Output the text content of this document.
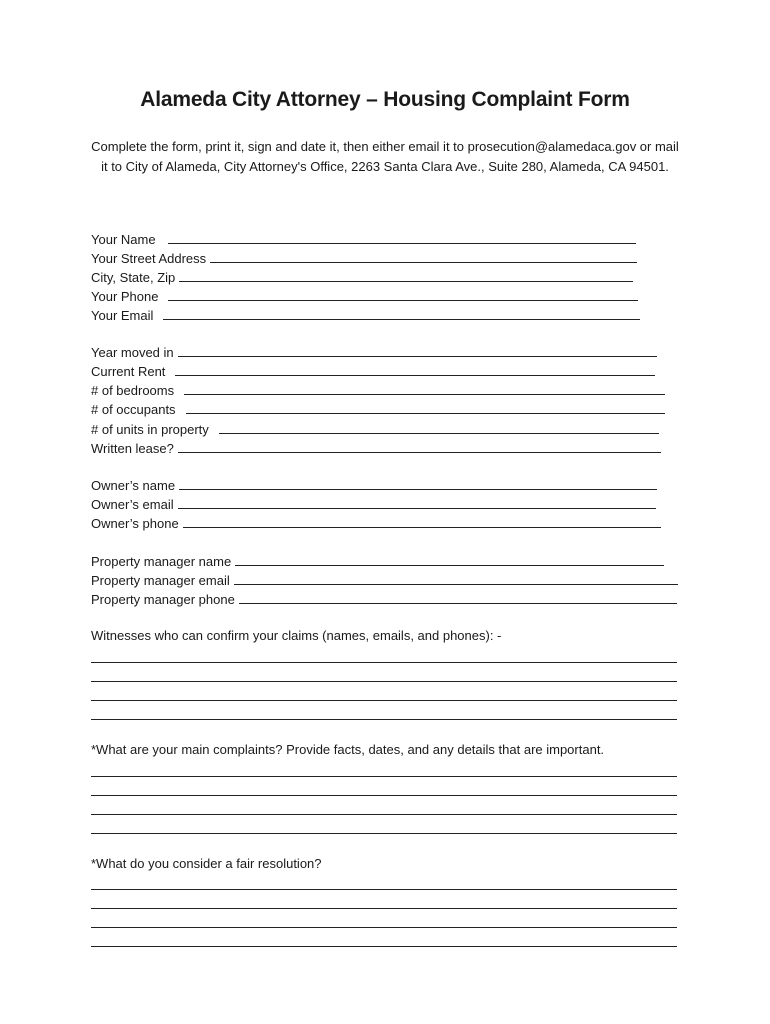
Alameda City Attorney – Housing Complaint Form
Complete the form, print it, sign and date it, then either email it to prosecution@alamedaca.gov or mail it to City of Alameda, City Attorney's Office, 2263 Santa Clara Ave., Suite 280, Alameda, CA 94501.
Your Name
Your Street Address
City, State, Zip
Your Phone
Your Email
Year moved in
Current Rent
# of bedrooms
# of occupants
# of units in property
Written lease?
Owner’s name
Owner’s email
Owner’s phone
Property manager name
Property manager email
Property manager phone
Witnesses who can confirm your claims (names, emails, and phones): -
*What are your main complaints? Provide facts, dates, and any details that are important.
*What do you consider a fair resolution?
